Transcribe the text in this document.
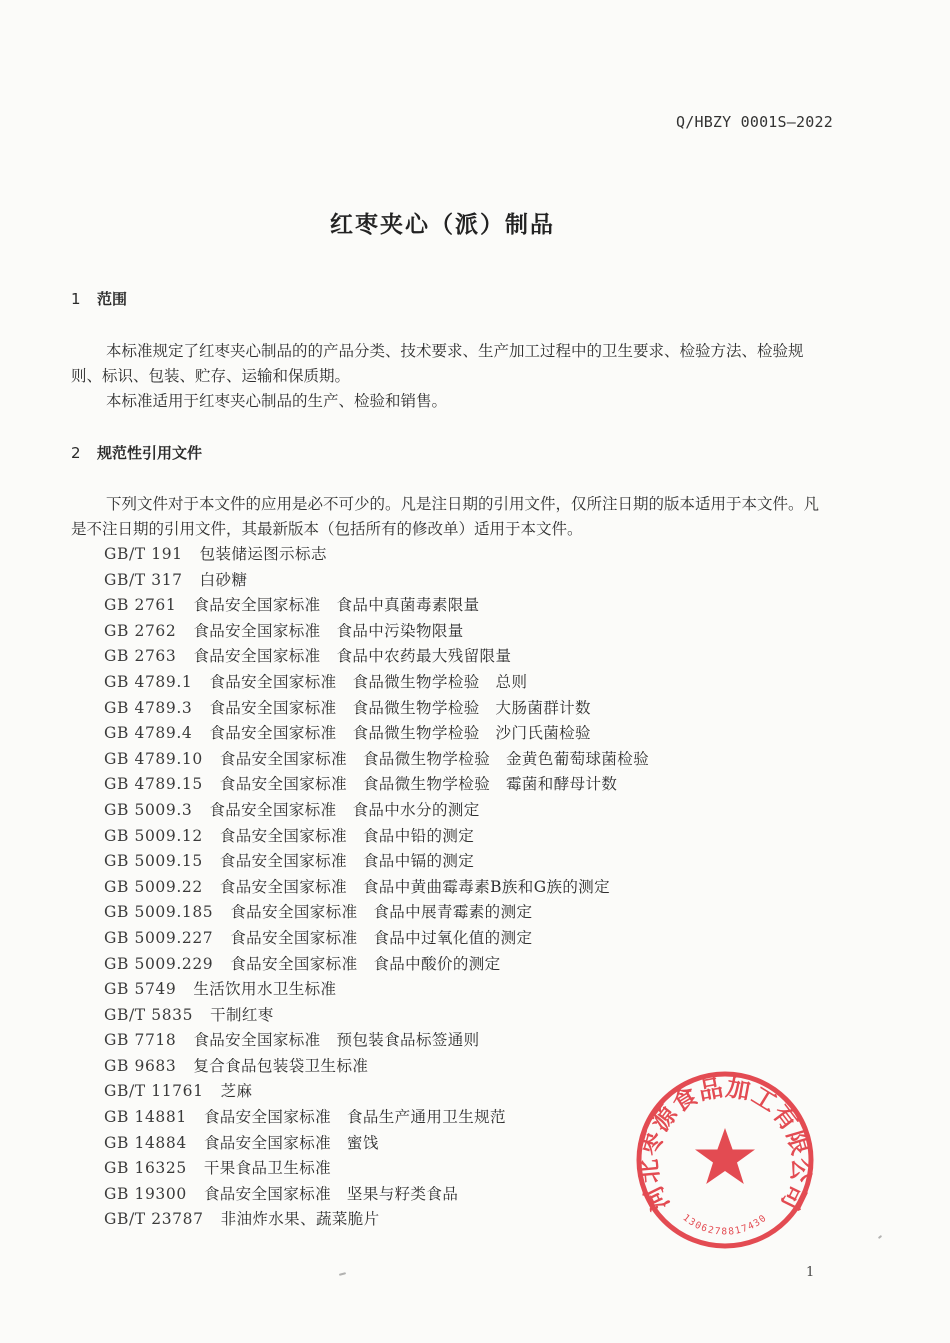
Q/HBZY 0001S—2022
红枣夹心（派）制品
1 范围

本标准规定了红枣夹心制品的的产品分类、技术要求、生产加工过程中的卫生要求、检验方法、检验规则、标识、包装、贮存、运输和保质期。

本标准适用于红枣夹心制品的生产、检验和销售。

2 规范性引用文件

下列文件对于本文件的应用是必不可少的。凡是注日期的引用文件，仅所注日期的版本适用于本文件。凡是不注日期的引用文件，其最新版本（包括所有的修改单）适用于本文件。

GB/T 191 包装储运图示标志
GB/T 317 白砂糖
GB 2761 食品安全国家标准　食品中真菌毒素限量
GB 2762 食品安全国家标准　食品中污染物限量
GB 2763 食品安全国家标准　食品中农药最大残留限量
GB 4789.1 食品安全国家标准　食品微生物学检验　总则
GB 4789.3 食品安全国家标准　食品微生物学检验　大肠菌群计数
GB 4789.4 食品安全国家标准　食品微生物学检验　沙门氏菌检验
GB 4789.10 食品安全国家标准　食品微生物学检验　金黄色葡萄球菌检验
GB 4789.15 食品安全国家标准　食品微生物学检验　霉菌和酵母计数
GB 5009.3 食品安全国家标准　食品中水分的测定
GB 5009.12 食品安全国家标准　食品中铅的测定
GB 5009.15 食品安全国家标准　食品中镉的测定
GB 5009.22 食品安全国家标准　食品中黄曲霉毒素B族和G族的测定
GB 5009.185 食品安全国家标准　食品中展青霉素的测定
GB 5009.227 食品安全国家标准　食品中过氧化值的测定
GB 5009.229 食品安全国家标准　食品中酸价的测定
GB 5749 生活饮用水卫生标准
GB/T 5835 干制红枣
GB 7718 食品安全国家标准　预包装食品标签通则
GB 9683 复合食品包装袋卫生标准
GB/T 11761 芝麻
GB 14881 食品安全国家标准　食品生产通用卫生规范
GB 14884 食品安全国家标准　蜜饯
GB 16325 干果食品卫生标准
GB 19300 食品安全国家标准　坚果与籽类食品
GB/T 23787 非油炸水果、蔬菜脆片
河北枣源食品加工有限公司
1306278817430
1
